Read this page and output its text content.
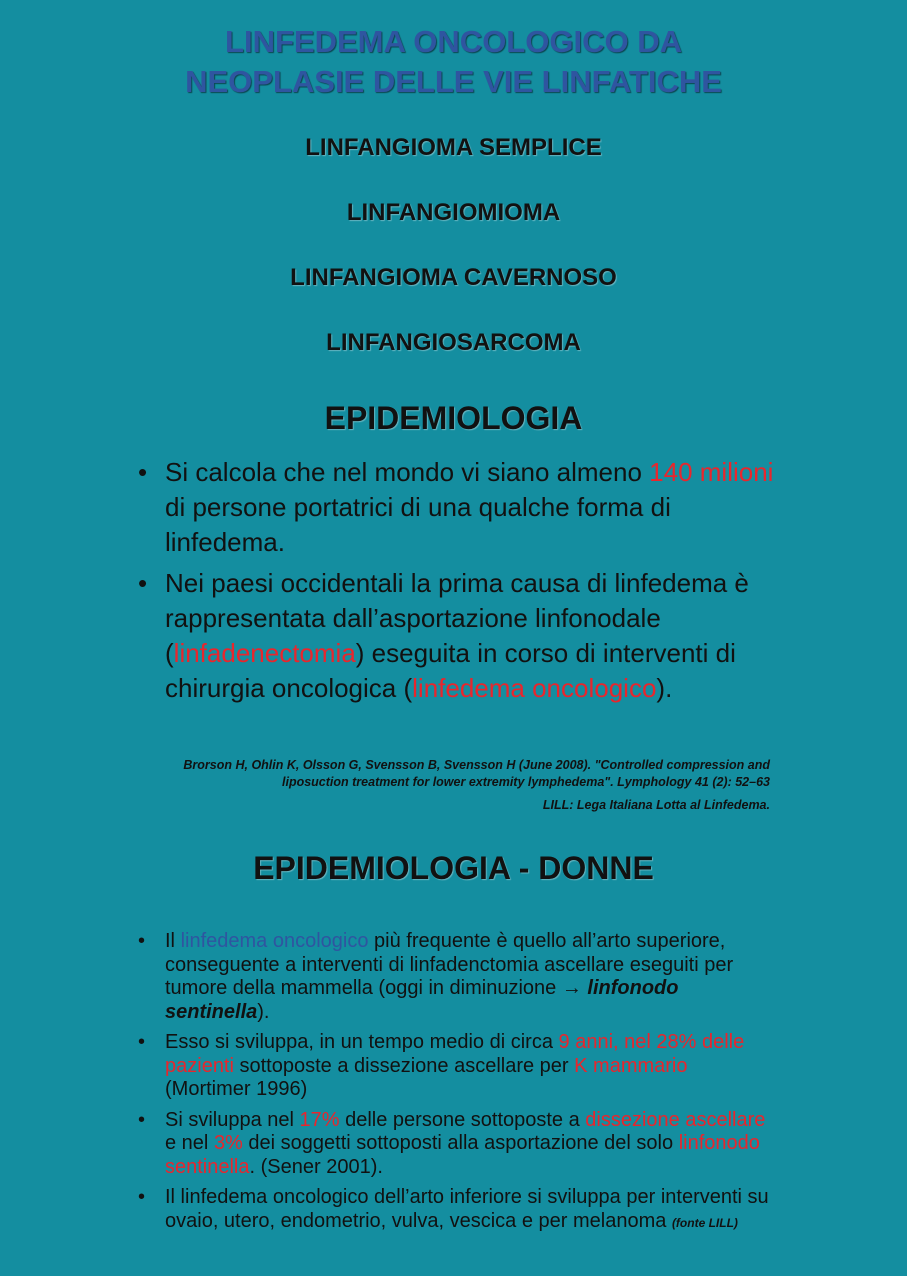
LINFEDEMA ONCOLOGICO DA
NEOPLASIE DELLE VIE LINFATICHE
LINFANGIOMA SEMPLICE
LINFANGIOMIOMA
LINFANGIOMA CAVERNOSO
LINFANGIOSARCOMA
EPIDEMIOLOGIA
• Si calcola che nel mondo vi siano almeno 140 milioni di persone portatrici di una qualche forma di linfedema.
• Nei paesi occidentali la prima causa di linfedema è rappresentata dall’asportazione linfonodale (linfadenectomia) eseguita in corso di interventi di chirurgia oncologica (linfedema oncologico).
Brorson H, Ohlin K, Olsson G, Svensson B, Svensson H (June 2008). "Controlled compression and liposuction treatment for lower extremity lymphedema". Lymphology 41 (2): 52–63
LILL: Lega Italiana Lotta al Linfedema.
EPIDEMIOLOGIA - DONNE
• Il linfedema oncologico più frequente è quello all’arto superiore, conseguente a interventi di linfadenctomia ascellare eseguiti per tumore della mammella (oggi in diminuzione → linfonodo sentinella).
• Esso si sviluppa, in un tempo medio di circa 9 anni, nel 28% delle pazienti sottoposte a dissezione ascellare per K mammario (Mortimer 1996)
• Si sviluppa nel 17% delle persone sottoposte a dissezione ascellare e nel 3% dei soggetti sottoposti alla asportazione del solo linfonodo sentinella. (Sener 2001).
• Il linfedema oncologico dell’arto inferiore si sviluppa per interventi su ovaio, utero, endometrio, vulva, vescica e per melanoma (fonte LILL)
